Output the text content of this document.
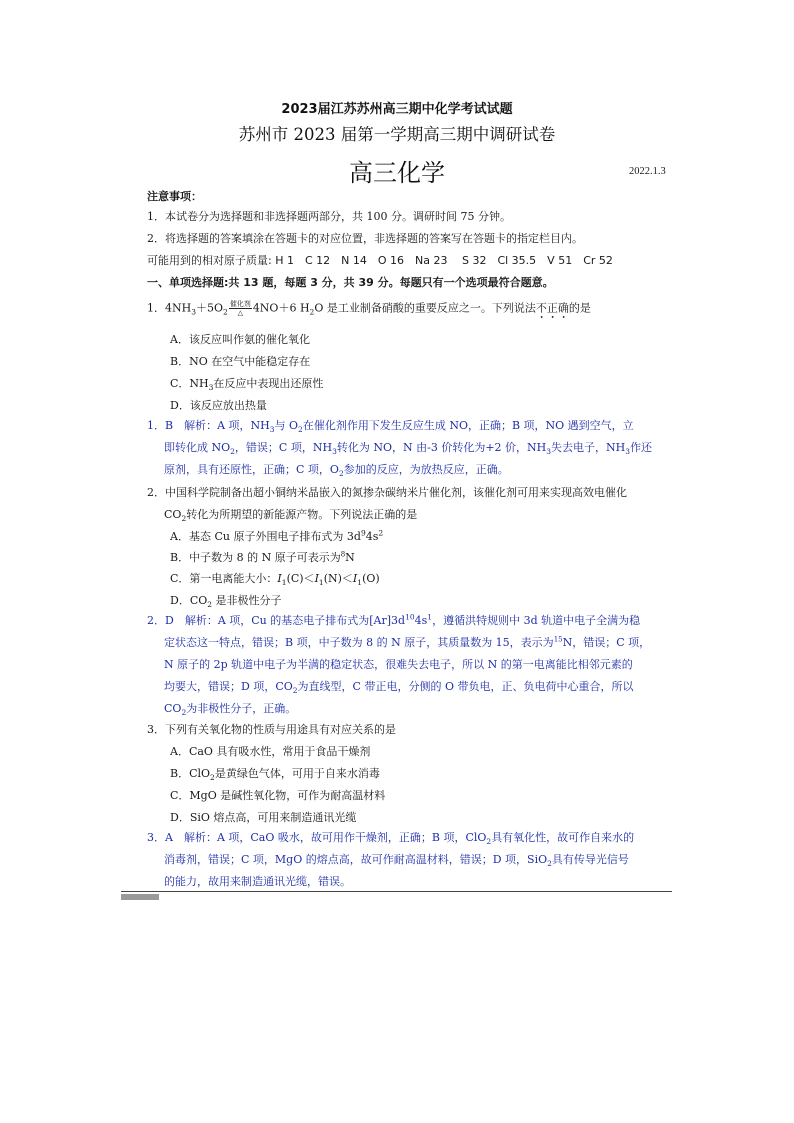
2023届江苏苏州高三期中化学考试试题
苏州市 2023 届第一学期高三期中调研试卷
高三化学	2022.1.3
注意事项：
1．本试卷分为选择题和非选择题两部分，共 100 分。调研时间 75 分钟。
2．将选择题的答案填涂在答题卡的对应位置，非选择题的答案写在答题卡的指定栏目内。
可能用到的相对原子质量: H 1　C 12　N 14　O 16　Na 23　 S 32　Cl 35.5　V 51　Cr 52
一、单项选择题:共 13 题，每题 3 分，共 39 分。每题只有一个选项最符合题意。
1．$4NH_3+5O_2 \frac{\text{催化剂}}{\triangle} 4NO+6$ $H_2O$ 是工业制备硝酸的重要反应之一。下列说法不正确的是
A．该反应叫作氨的催化氧化
B．NO 在空气中能稳定存在
C．$NH_3$在反应中表现出还原性
D．该反应放出热量
1．B　解析：A 项，$NH_3$与 $O_2$在催化剂作用下发生反应生成 NO，正确；B 项，NO 遇到空气，立
即转化成 $NO_2$，错误；C 项，$NH_3$转化为 NO，N 由-3 价转化为+2 价，$NH_3$失去电子，$NH_3$作还
原剂，具有还原性，正确；C 项，$O_2$参加的反应，为放热反应，正确。
2．中国科学院制备出超小铜纳米晶嵌入的氮掺杂碳纳米片催化剂，该催化剂可用来实现高效电催化
$CO_2$转化为所期望的新能源产物。下列说法正确的是
A．基态 Cu 原子外围电子排布式为 $3d^94s^2$
B．中子数为 8 的 N 原子可表示为$^8$N
C．第一电离能大小：$I_1(C)<I_1(N)<I_1(O)$
D．$CO_2$ 是非极性分子
2．D　解析：A 项，Cu 的基态电子排布式为$[Ar]3d^{10}4s^1$，遵循洪特规则中 3d 轨道中电子全满为稳
定状态这一特点，错误；B 项，中子数为 8 的 N 原子，其质量数为 15，表示为$^{15}$N，错误；C 项，
N 原子的 2p 轨道中电子为半满的稳定状态，很难失去电子，所以 N 的第一电离能比相邻元素的
均要大，错误；D 项，$CO_2$为直线型，C 带正电，分侧的 O 带负电，正、负电荷中心重合，所以
$CO_2$为非极性分子，正确。
3．下列有关氧化物的性质与用途具有对应关系的是
A．CaO 具有吸水性，常用于食品干燥剂
B．ClO$_2$是黄绿色气体，可用于自来水消毒
C．MgO 是碱性氧化物，可作为耐高温材料
D．SiO 熔点高，可用来制造通讯光缆
3．A　解析：A 项，CaO 吸水，故可用作干燥剂，正确；B 项，ClO$_2$具有氧化性，故可作自来水的
消毒剂，错误；C 项，MgO 的熔点高，故可作耐高温材料，错误；D 项，SiO$_2$具有传导光信号
的能力，故用来制造通讯光缆，错误。
